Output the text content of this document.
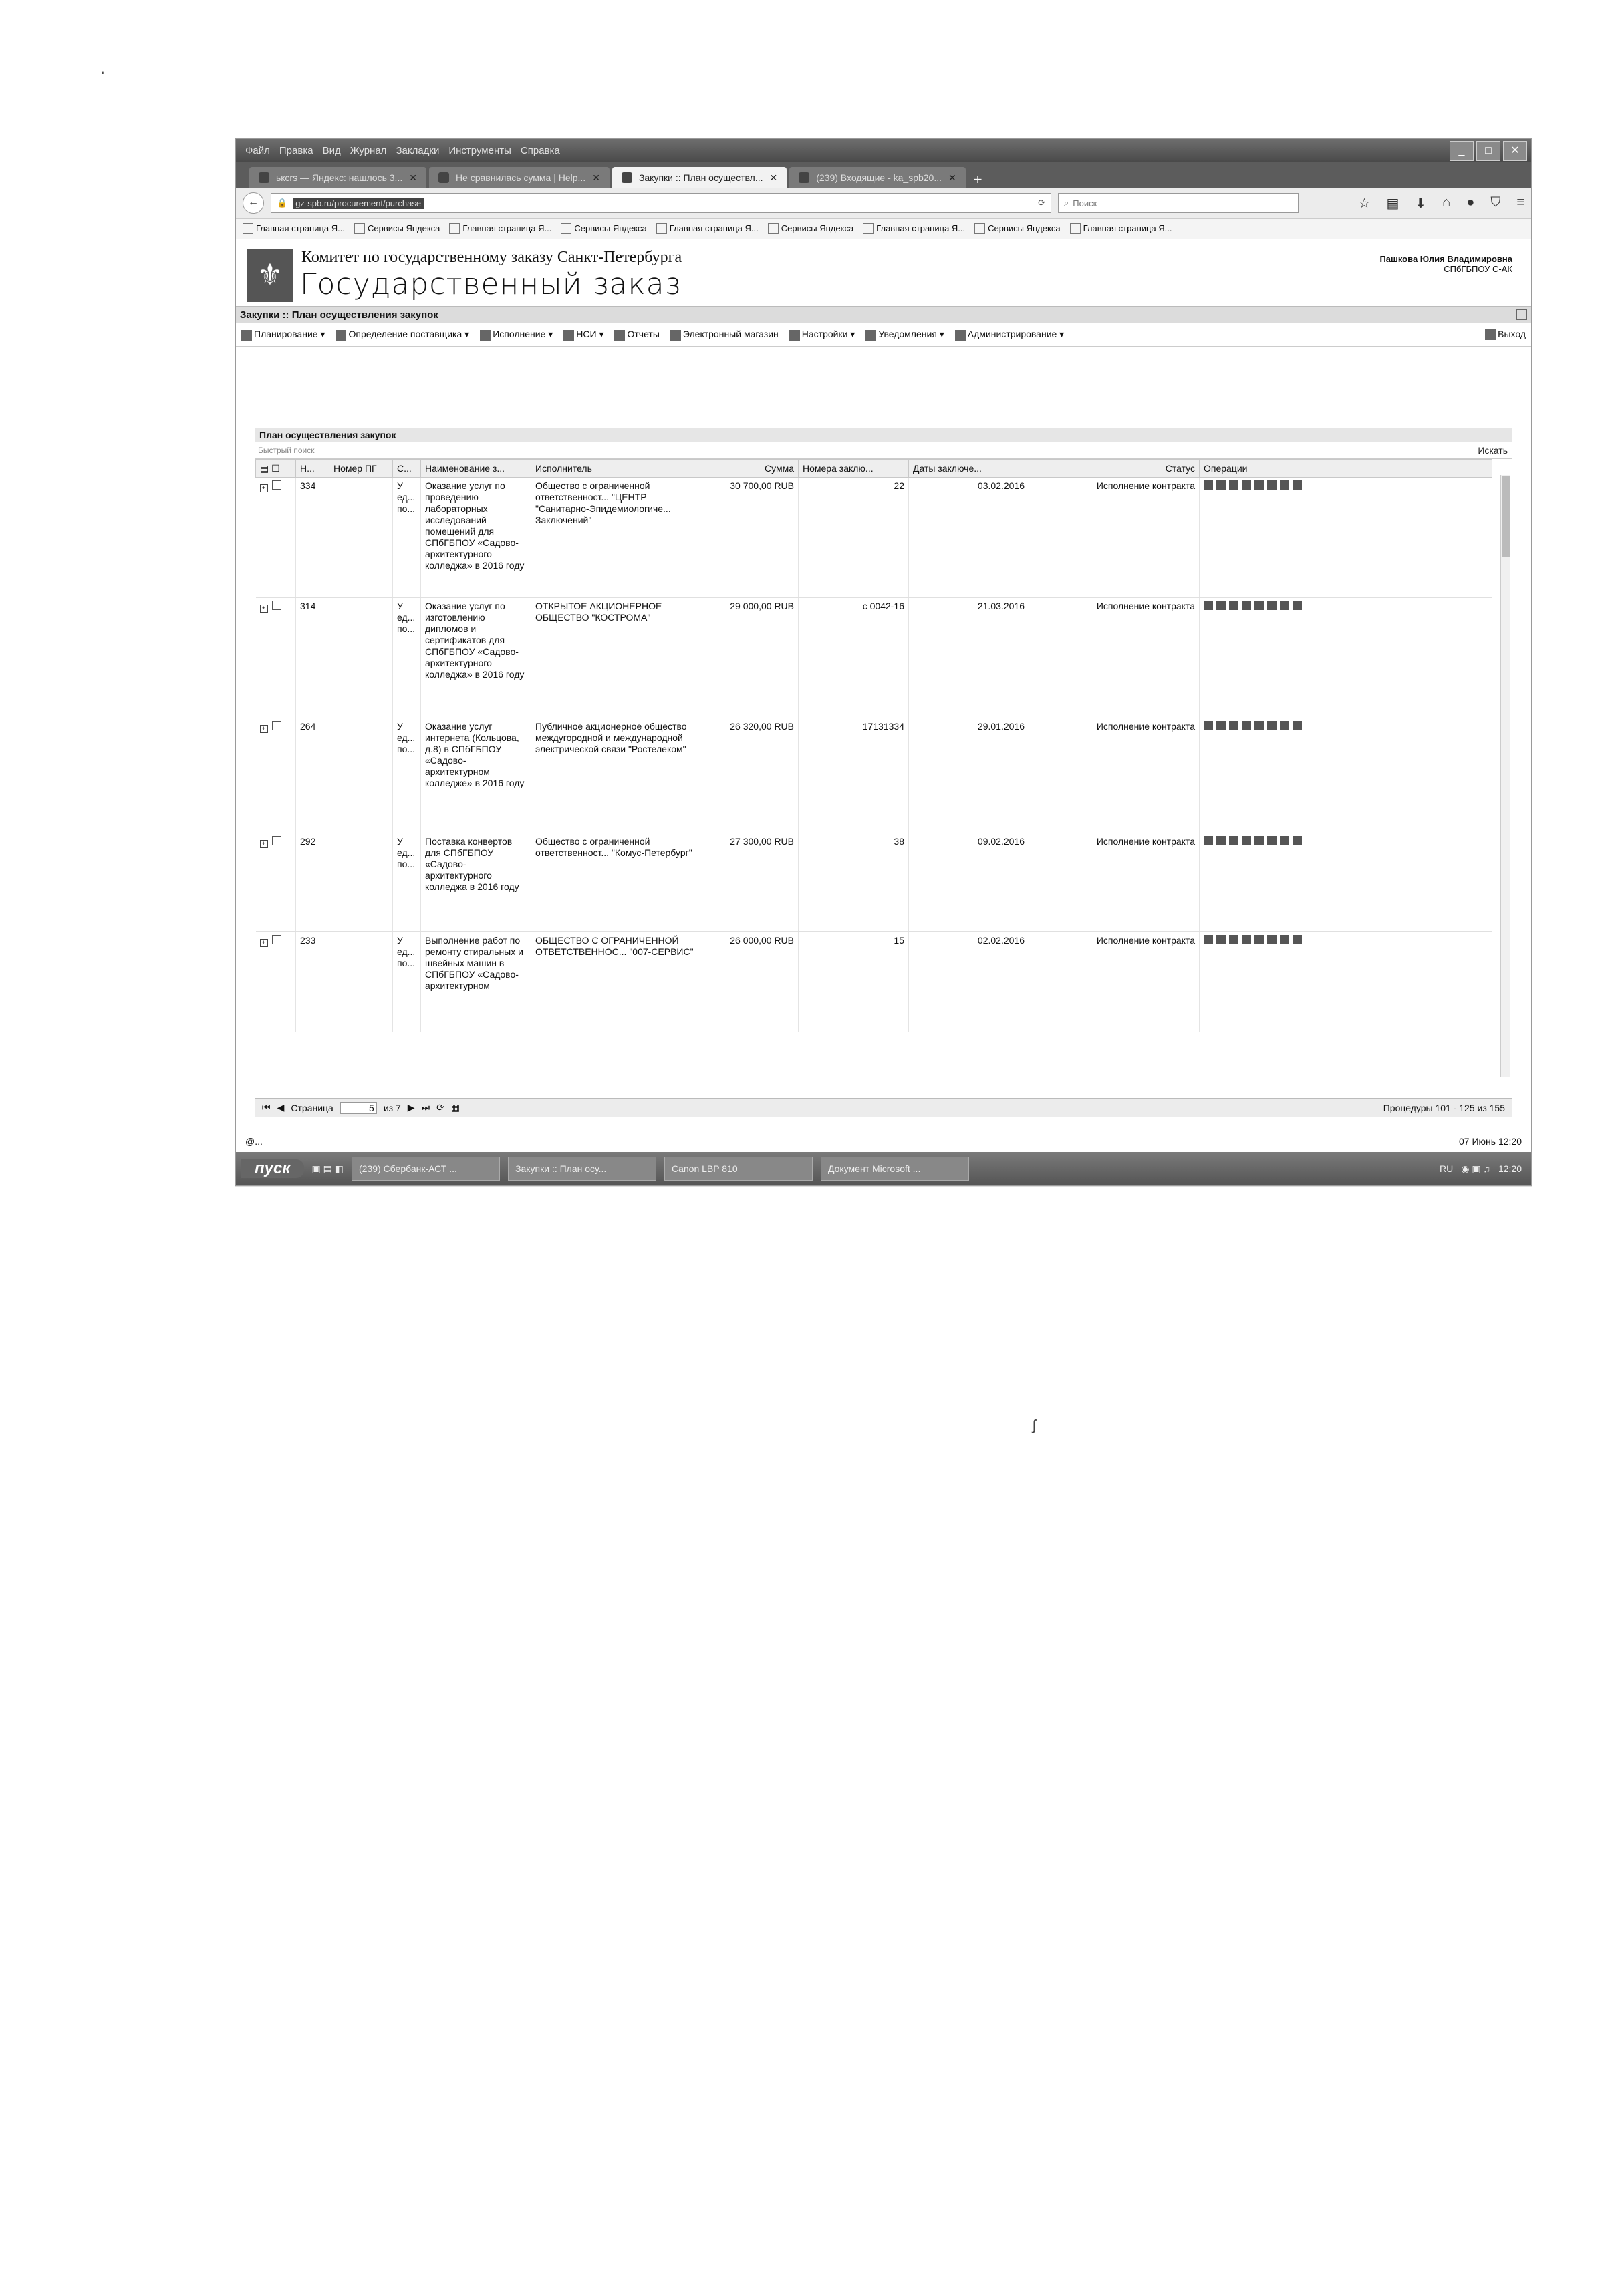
Файл Правка Вид Журнал Закладки Инструменты Справка	_	□	✕
ькcrs — Яндекс: нашлось 3... ✕	Не сравнилась сумма | Help... ✕	Закупки :: План осуществл... ✕	(239) Входящие - ka_spb20... ✕	+
←	🔒 gz-spb.ru/procurement/purchase	⟳ ⌕ Поиск	☆ ▤ ⬇ ⌂ ● ⛉ ≡
Главная страница Я...	Сервисы Яндекса	Главная страница Я...	Сервисы Яндекса	Главная страница Я...	Сервисы Яндекса	Главная страница Я...	Сервисы Яндекса	Главная страница Я...
⚜
Комитет по государственному заказу Санкт-Петербурга
Государственный заказ
Пашкова Юлия Владимировна
СПбГБПОУ С-АК
Закупки :: План осуществления закупок
Планирование ▾	Определение поставщика ▾	Исполнение ▾	НСИ ▾	Отчеты	Электронный магазин	Настройки ▾	Уведомления ▾	Администрирование ▾	Выход
План осуществления закупок
Быстрый поиск	Искать
▤ ☐	Н...	Номер ПГ	С...	Наименование з...	Исполнитель	Сумма	Номера заклю...	Даты заключе...	Статус	Операции
+	334		У ед... по...	Оказание услуг по проведению лабораторных исследований помещений для СПбГБПОУ «Садово-архитектурного колледжа» в 2016 году	Общество с ограниченной ответственност... "ЦЕНТР "Санитарно-Эпидемиологиче... Заключений"	30 700,00 RUB	22	03.02.2016	Исполнение контракта	
+	314		У ед... по...	Оказание услуг по изготовлению дипломов и сертификатов для СПбГБПОУ «Садово-архитектурного колледжа» в 2016 году	ОТКРЫТОЕ АКЦИОНЕРНОЕ ОБЩЕСТВО "КОСТРОМА"	29 000,00 RUB	с 0042-16	21.03.2016	Исполнение контракта	
+	264		У ед... по...	Оказание услуг интернета (Кольцова, д.8) в СПбГБПОУ «Садово-архитектурном колледже» в 2016 году	Публичное акционерное общество междугородной и международной электрической связи "Ростелеком"	26 320,00 RUB	17131334	29.01.2016	Исполнение контракта	
+	292		У ед... по...	Поставка конвертов для СПбГБПОУ «Садово-архитектурного колледжа в 2016 году	Общество с ограниченной ответственност... "Комус-Петербург"	27 300,00 RUB	38	09.02.2016	Исполнение контракта	
+	233		У ед... по...	Выполнение работ по ремонту стиральных и швейных машин в СПбГБПОУ «Садово-архитектурном	ОБЩЕСТВО С ОГРАНИЧЕННОЙ ОТВЕТСТВЕННОС... "007-СЕРВИС"	26 000,00 RUB	15	02.02.2016	Исполнение контракта	
⏮ ◀ Страница	5 из 7 ▶ ⏭ ⟳ ▦	Процедуры 101 - 125 из 155
@...	07 Июнь 12:20
пуск	▣ ▤ ◧	(239) Сбербанк-АСТ ...	Закупки :: План осу...	Canon LBP 810	Документ Microsoft ...	RU ◉ ▣ ♫ 12:20
·
ʃ
